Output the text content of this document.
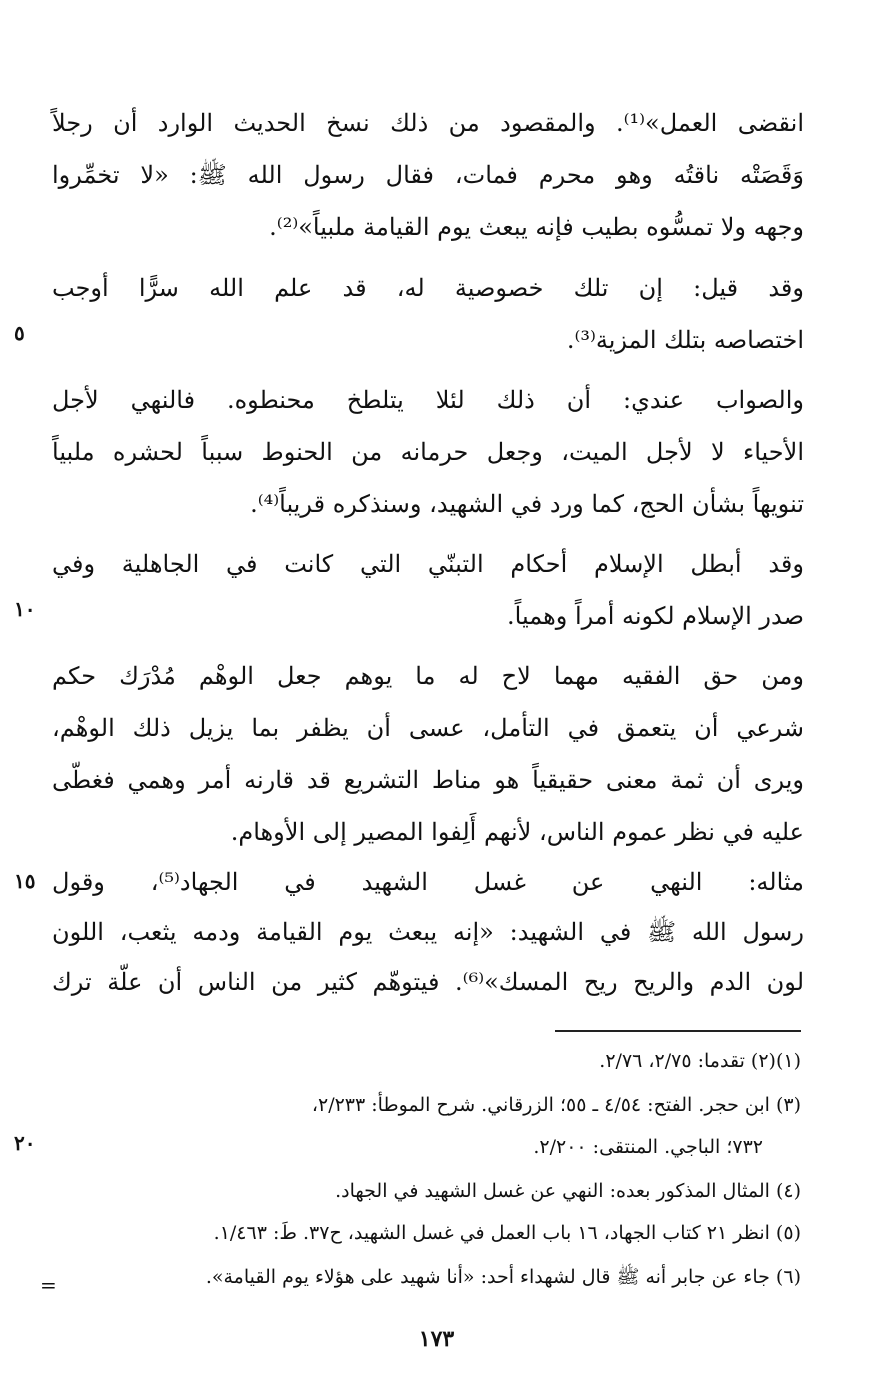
انقضى العمل»⁽¹⁾. والمقصود من ذلك نسخ الحديث الوارد أن رجلاً
وَقَصَتْه ناقتُه وهو محرم فمات، فقال رسول الله ﷺ: «لا تخمِّروا
وجهه ولا تمسُّوه بطيب فإنه يبعث يوم القيامة ملبياً»⁽²⁾.
وقد قيل: إن تلك خصوصية له، قد علم الله سرًّا أوجب
اختصاصه بتلك المزية⁽³⁾.
والصواب عندي: أن ذلك لئلا يتلطخ محنطوه. فالنهي لأجل
الأحياء لا لأجل الميت، وجعل حرمانه من الحنوط سبباً لحشره ملبياً
تنويهاً بشأن الحج، كما ورد في الشهيد، وسنذكره قريباً⁽⁴⁾.
وقد أبطل الإسلام أحكام التبنّي التي كانت في الجاهلية وفي
صدر الإسلام لكونه أمراً وهمياً.
ومن حق الفقيه مهما لاح له ما يوهم جعل الوهْم مُدْرَك حكم
شرعي أن يتعمق في التأمل، عسى أن يظفر بما يزيل ذلك الوهْم،
ويرى أن ثمة معنى حقيقياً هو مناط التشريع قد قارنه أمر وهمي فغطّى
عليه في نظر عموم الناس، لأنهم أَلِفوا المصير إلى الأوهام.
مثاله: النهي عن غسل الشهيد في الجهاد⁽⁵⁾، وقول
رسول الله ﷺ في الشهيد: «إنه يبعث يوم القيامة ودمه يثعب، اللون
لون الدم والريح ريح المسك»⁽⁶⁾. فيتوهّم كثير من الناس أن علّة ترك
٥
١٠
١٥
٢٠
(١)(٢) تقدما: ٢/٧٥، ٢/٧٦.
(٣) ابن حجر. الفتح: ٤/٥٤ ـ ٥٥؛ الزرقاني. شرح الموطأ: ٢/٢٣٣،
٧٣٢؛ الباجي. المنتقى: ٢/٢٠٠.
(٤) المثال المذكور بعده: النهي عن غسل الشهيد في الجهاد.
(٥) انظر ٢١ كتاب الجهاد، ١٦ باب العمل في غسل الشهيد، ح٣٧. طَ: ١/٤٦٣.
(٦) جاء عن جابر أنه ﷺ قال لشهداء أحد: «أنا شهيد على هؤلاء يوم القيامة».
=
١٧٣
